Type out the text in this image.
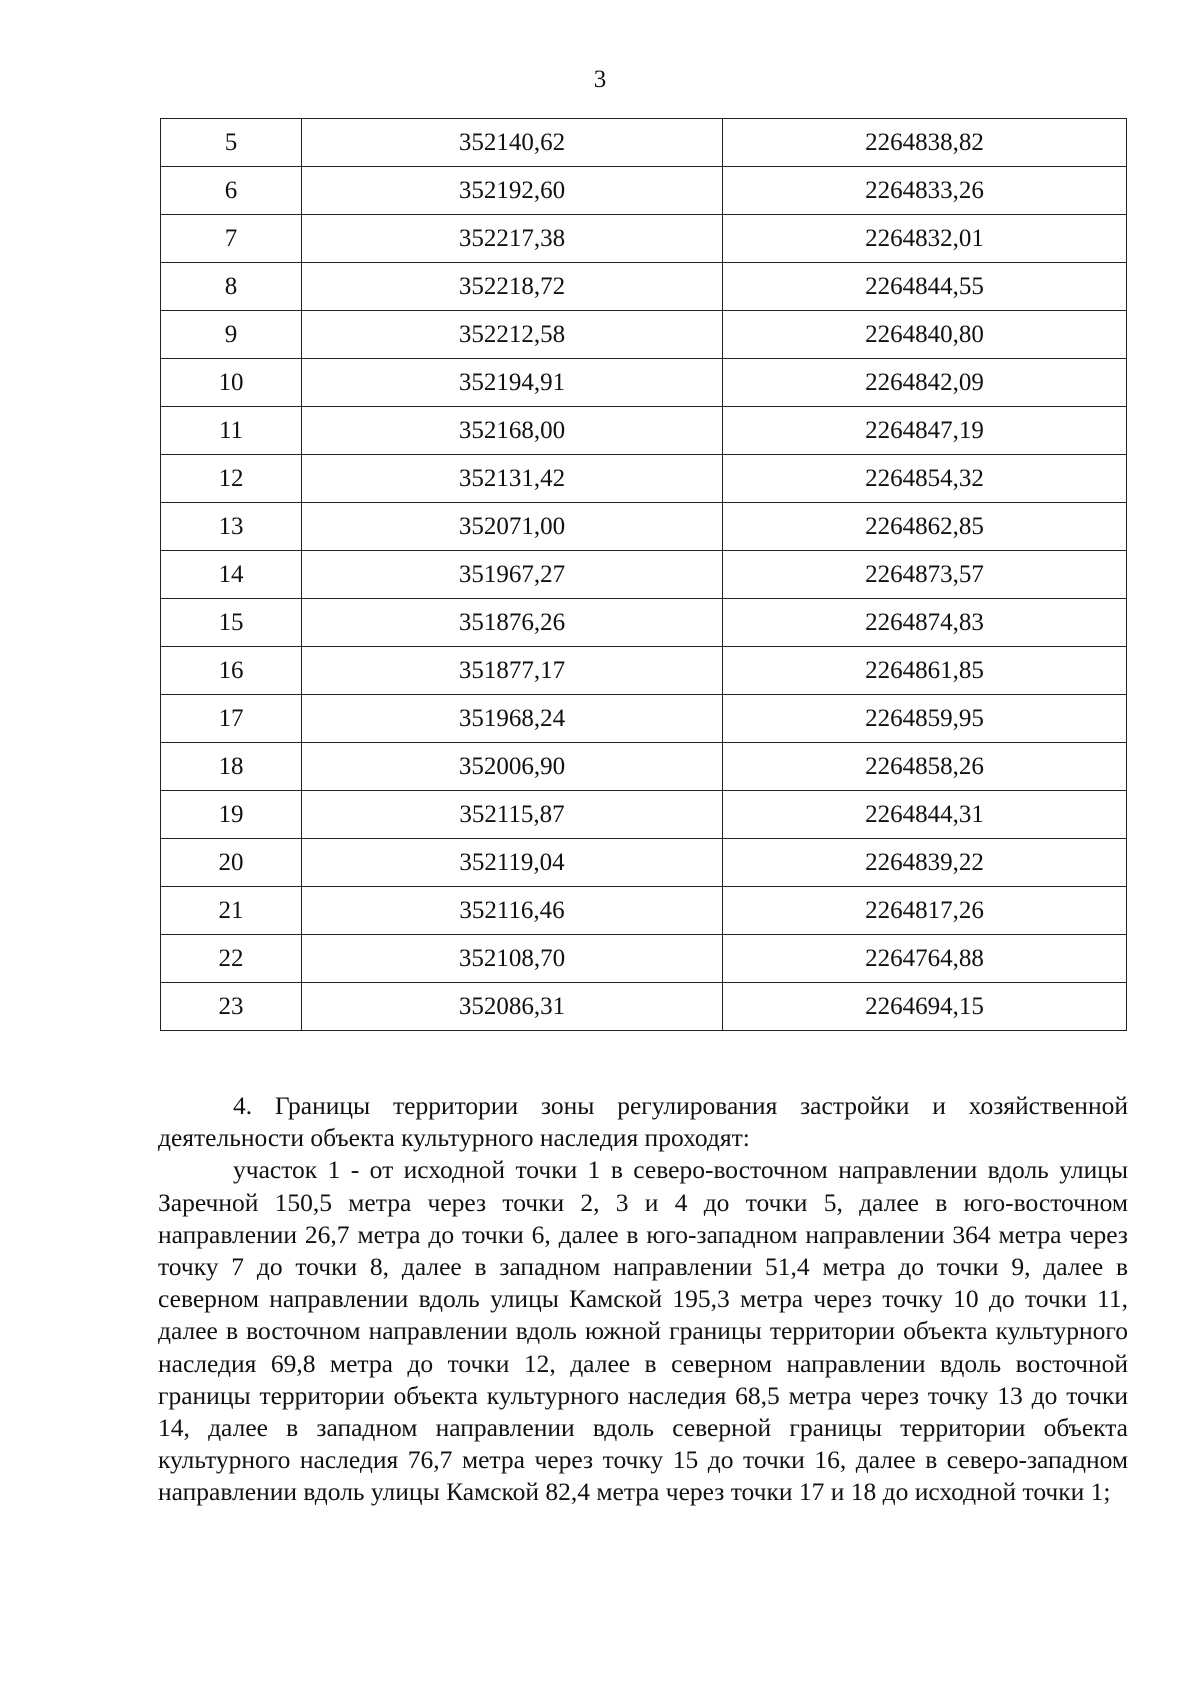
3
5	352140,62	2264838,82
6	352192,60	2264833,26
7	352217,38	2264832,01
8	352218,72	2264844,55
9	352212,58	2264840,80
10	352194,91	2264842,09
11	352168,00	2264847,19
12	352131,42	2264854,32
13	352071,00	2264862,85
14	351967,27	2264873,57
15	351876,26	2264874,83
16	351877,17	2264861,85
17	351968,24	2264859,95
18	352006,90	2264858,26
19	352115,87	2264844,31
20	352119,04	2264839,22
21	352116,46	2264817,26
22	352108,70	2264764,88
23	352086,31	2264694,15

4. Границы территории зоны регулирования застройки и хозяйственной деятельности объекта культурного наследия проходят:

участок 1 - от исходной точки 1 в северо-восточном направлении вдоль улицы Заречной 150,5 метра через точки 2, 3 и 4 до точки 5, далее в юго-восточном направлении 26,7 метра до точки 6, далее в юго-западном направлении 364 метра через точку 7 до точки 8, далее в западном направлении 51,4 метра до точки 9, далее в северном направлении вдоль улицы Камской 195,3 метра через точку 10 до точки 11, далее в восточном направлении вдоль южной границы территории объекта культурного наследия 69,8 метра до точки 12, далее в северном направлении вдоль восточной границы территории объекта культурного наследия 68,5 метра через точку 13 до точки 14, далее в западном направлении вдоль северной границы территории объекта культурного наследия 76,7 метра через точку 15 до точки 16, далее в северо-западном направлении вдоль улицы Камской 82,4 метра через точки 17 и 18 до исходной точки 1;
